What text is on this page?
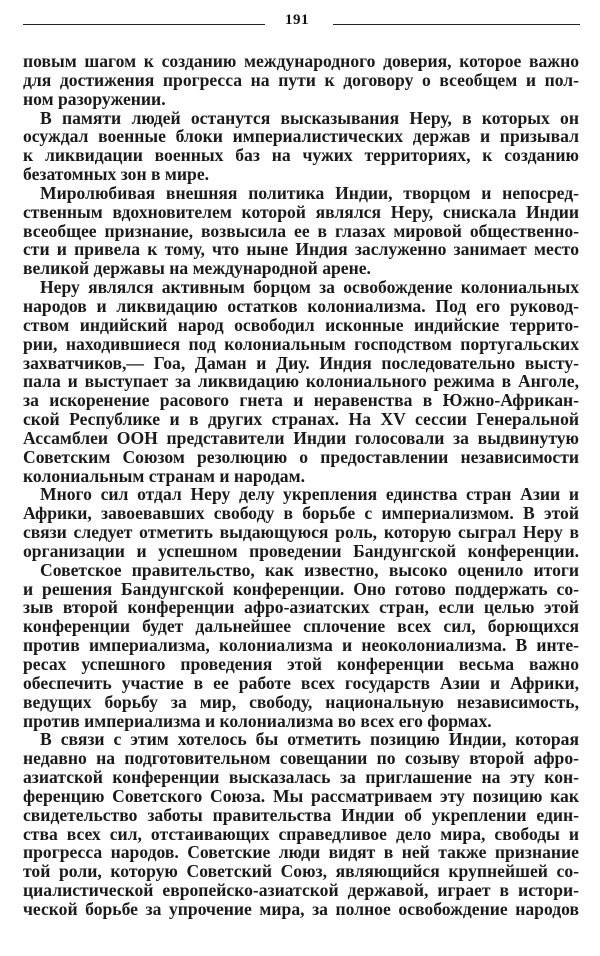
191
повым шагом к созданию международного доверия, которое важно
для достижения прогресса на пути к договору о всеобщем и пол-
ном разоружении.
В памяти людей останутся высказывания Неру, в которых он
осуждал военные блоки империалистических держав и призывал
к ликвидации военных баз на чужих территориях, к созданию
безатомных зон в мире.
Миролюбивая внешняя политика Индии, творцом и непосред-
ственным вдохновителем которой являлся Неру, снискала Индии
всеобщее признание, возвысила ее в глазах мировой общественно-
сти и привела к тому, что ныне Индия заслуженно занимает место
великой державы на международной арене.
Неру являлся активным борцом за освобождение колониальных
народов и ликвидацию остатков колониализма. Под его руковод-
ством индийский народ освободил исконные индийские террито-
рии, находившиеся под колониальным господством португальских
захватчиков,— Гоа, Даман и Диу. Индия последовательно высту-
пала и выступает за ликвидацию колониального режима в Анголе,
за искоренение расового гнета и неравенства в Южно-Африкан-
ской Республике и в других странах. На XV сессии Генеральной
Ассамблеи ООН представители Индии голосовали за выдвинутую
Советским Союзом резолюцию о предоставлении независимости
колониальным странам и народам.
Много сил отдал Неру делу укрепления единства стран Азии и
Африки, завоевавших свободу в борьбе с империализмом. В этой
связи следует отметить выдающуюся роль, которую сыграл Неру в
организации и успешном проведении Бандунгской конференции.
Советское правительство, как известно, высоко оценило итоги
и решения Бандунгской конференции. Оно готово поддержать со-
зыв второй конференции афро-азиатских стран, если целью этой
конференции будет дальнейшее сплочение всех сил, борющихся
против империализма, колониализма и неоколониализма. В инте-
ресах успешного проведения этой конференции весьма важно
обеспечить участие в ее работе всех государств Азии и Африки,
ведущих борьбу за мир, свободу, национальную независимость,
против империализма и колониализма во всех его формах.
В связи с этим хотелось бы отметить позицию Индии, которая
недавно на подготовительном совещании по созыву второй афро-
азиатской конференции высказалась за приглашение на эту кон-
ференцию Советского Союза. Мы рассматриваем эту позицию как
свидетельство заботы правительства Индии об укреплении един-
ства всех сил, отстаивающих справедливое дело мира, свободы и
прогресса народов. Советские люди видят в ней также признание
той роли, которую Советский Союз, являющийся крупнейшей со-
циалистической европейско-азиатской державой, играет в истори-
ческой борьбе за упрочение мира, за полное освобождение народов
